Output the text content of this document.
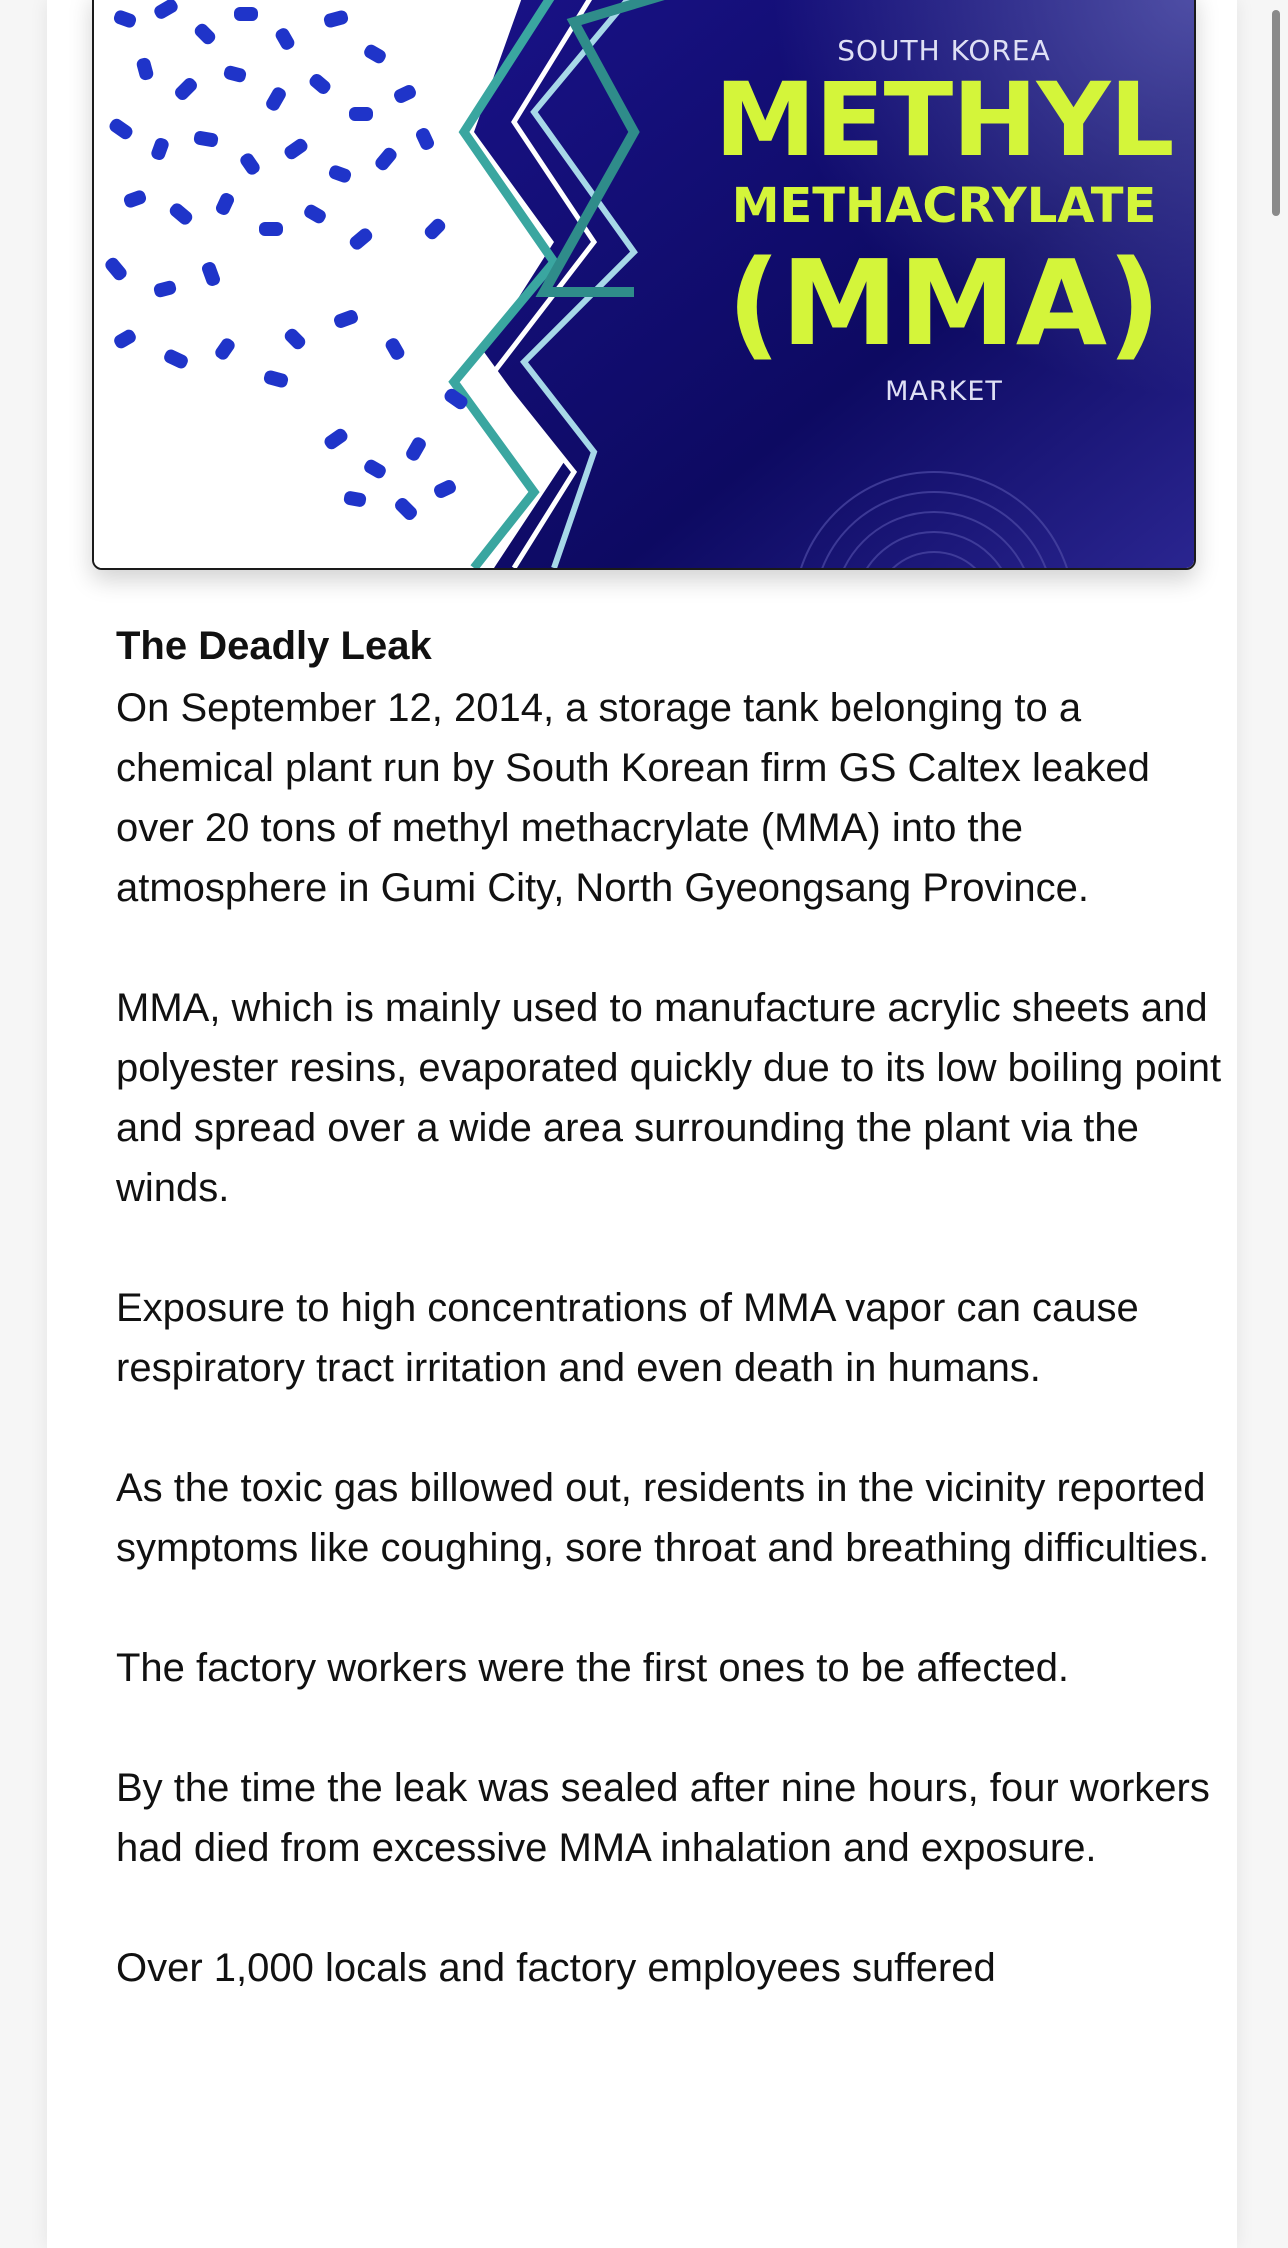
SOUTH KOREA
METHYL
METHACRYLATE
(MMA)
MARKET
The Deadly Leak

On September 12, 2014, a storage tank belonging to a chemical plant run by South Korean firm GS Caltex leaked over 20 tons of methyl methacrylate (MMA) into the atmosphere in Gumi City, North Gyeongsang Province.

MMA, which is mainly used to manufacture acrylic sheets and polyester resins, evaporated quickly due to its low boiling point and spread over a wide area surrounding the plant via the winds.

Exposure to high concentrations of MMA vapor can cause respiratory tract irritation and even death in humans.

As the toxic gas billowed out, residents in the vicinity reported symptoms like coughing, sore throat and breathing difficulties.

The factory workers were the first ones to be affected.

By the time the leak was sealed after nine hours, four workers had died from excessive MMA inhalation and exposure.

Over 1,000 locals and factory employees suffered
